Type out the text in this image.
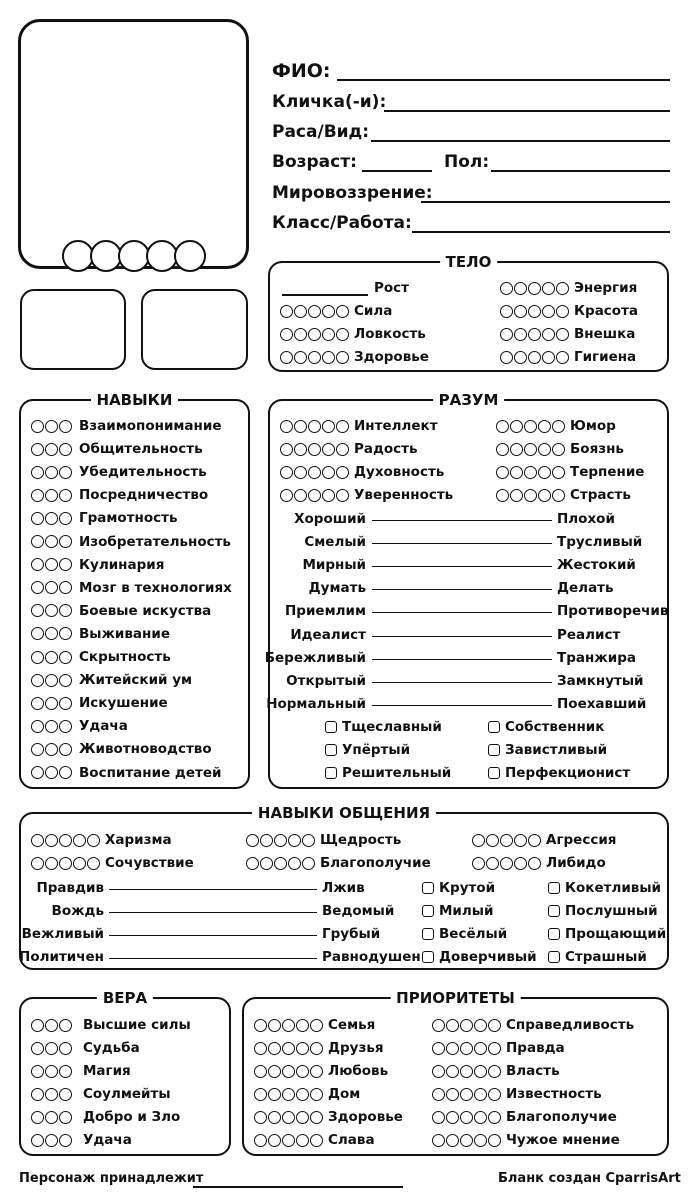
ФИО:
Кличка(-и):
Раса/Вид:
Возраст:	Пол:
Мировоззрение:
Класс/Работа:
ТЕЛО
Рост
Сила
Ловкость
Здоровье
Энергия
Красота
Внешка
Гигиена
НАВЫКИ
Взаимопонимание
Общительность
Убедительность
Посредничество
Грамотность
Изобретательность
Кулинария
Мозг в технологиях
Боевые искуства
Выживание
Скрытность
Житейский ум
Искушение
Удача
Животноводство
Воспитание детей
РАЗУМ
Интеллект
Радость
Духовность
Уверенность
Юмор
Боязнь
Терпение
Страсть
Хороший	Плохой
Смелый	Трусливый
Мирный	Жестокий
Думать	Делать
Приемлим	Противоречив
Идеалист	Реалист
Бережливый	Транжира
Открытый	Замкнутый
Нормальный	Поехавший
Тщеславный
Упёртый
Решительный
Собственник
Завистливый
Перфекционист
НАВЫКИ ОБЩЕНИЯ
Харизма
Сочувствие
Щедрость
Благополучие
Агрессия
Либидо
Правдив	Лжив
Вождь	Ведомый
Вежливый	Грубый
Политичен	Равнодушен
Крутой
Милый
Весёлый
Доверчивый
Кокетливый
Послушный
Прощающий
Страшный
ВЕРА
Высшие силы
Судьба
Магия
Соулмейты
Добро и Зло
Удача
ПРИОРИТЕТЫ
Семья
Друзья
Любовь
Дом
Здоровье
Слава
Справедливость
Правда
Власть
Известность
Благополучие
Чужое мнение
Персонаж принадлежит	Бланк создан CparrisArt
